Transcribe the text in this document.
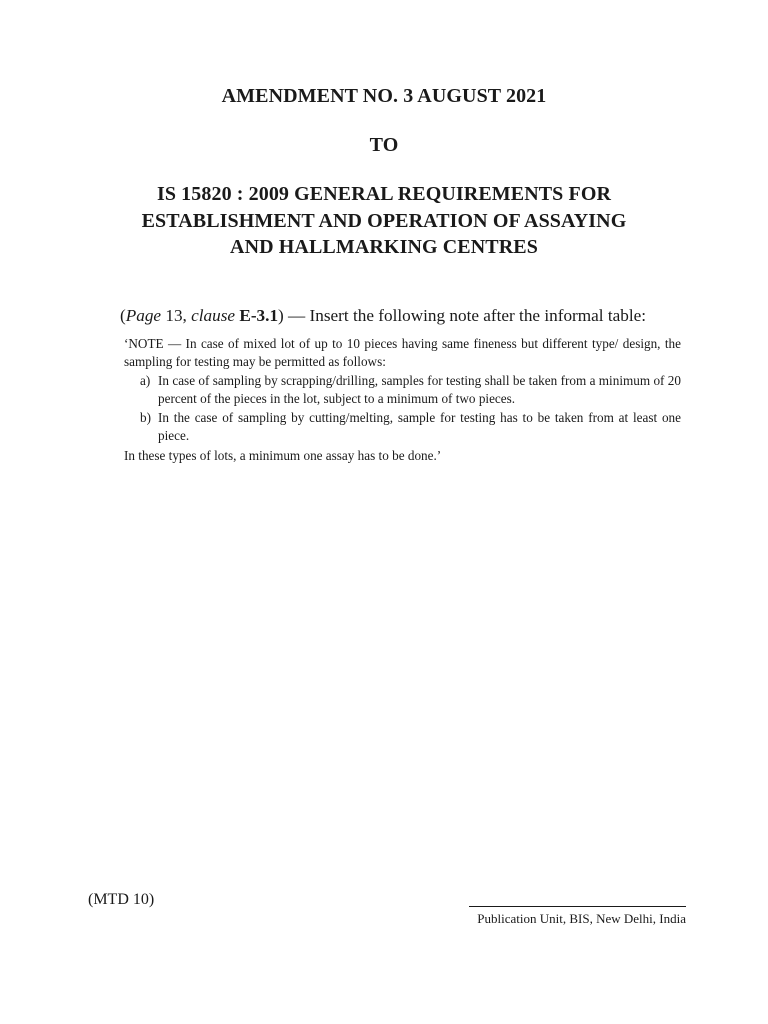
AMENDMENT NO. 3 AUGUST 2021
TO
IS 15820 : 2009 GENERAL REQUIREMENTS FOR
ESTABLISHMENT AND OPERATION OF ASSAYING
AND HALLMARKING CENTRES

(Page 13, clause E-3.1) — Insert the following note after the informal table:

‘NOTE — In case of mixed lot of up to 10 pieces having same fineness but different type/ design, the sampling for testing may be permitted as follows:

a) In case of sampling by scrapping/drilling, samples for testing shall be taken from a minimum of 20 percent of the pieces in the lot, subject to a minimum of two pieces.
b) In the case of sampling by cutting/melting, sample for testing has to be taken from at least one piece.

In these types of lots, a minimum one assay has to be done.’

(MTD 10)

Publication Unit, BIS, New Delhi, India
